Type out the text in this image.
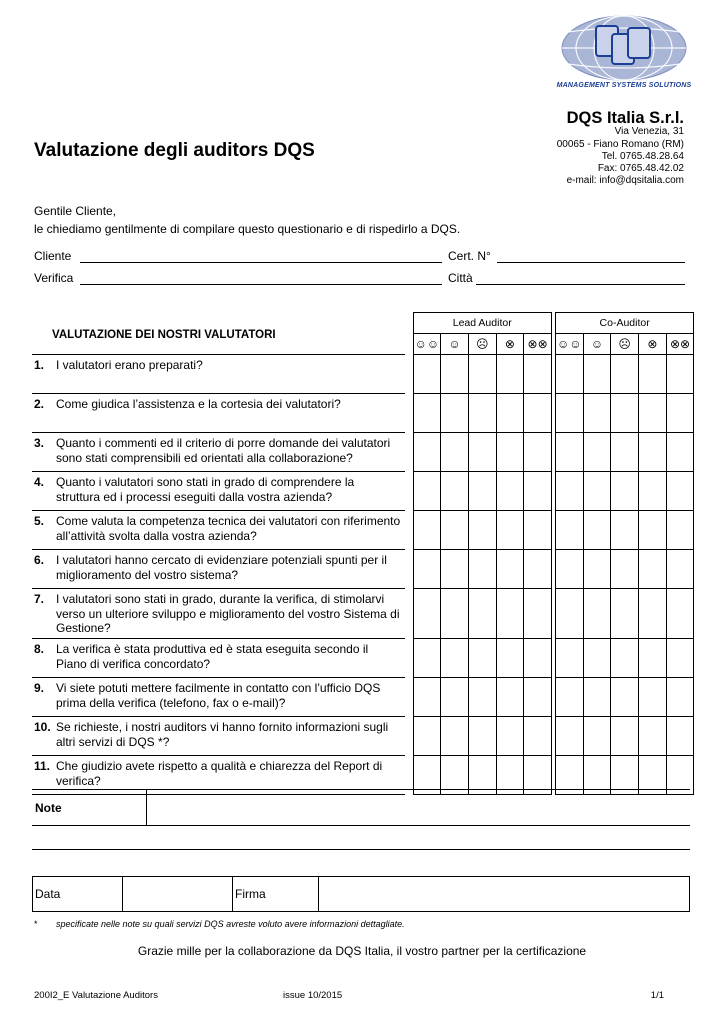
MANAGEMENT SYSTEMS SOLUTIONS
DQS Italia S.r.l.
Via Venezia, 31
00065 - Fiano Romano (RM)
Tel. 0765.48.28.64
Fax: 0765.48.42.02
e-mail: info@dqsitalia.com
Valutazione degli auditors DQS
Gentile Cliente,
le chiediamo gentilmente di compilare questo questionario e di rispedirlo a DQS.
Cliente	Cert. N°
Verifica	Città
VALUTAZIONE DEI NOSTRI VALUTATORI		Lead Auditor						Co-Auditor				
		☺☺	☺	☹	⊗	⊗⊗		☺☺	☺	☹	⊗	⊗⊗
1. I valutatori erano preparati?												
2. Come giudica l’assistenza e la cortesia dei valutatori?												
3. Quanto i commenti ed il criterio di porre domande dei valutatori sono stati comprensibili ed orientati alla collaborazione?												
4. Quanto i valutatori sono stati in grado di comprendere la struttura ed i processi eseguiti dalla vostra azienda?												
5. Come valuta la competenza tecnica dei valutatori con riferimento all’attività svolta dalla vostra azienda?												
6. I valutatori hanno cercato di evidenziare potenziali spunti per il miglioramento del vostro sistema?												
7. I valutatori sono stati in grado, durante la verifica, di stimolarvi verso un ulteriore sviluppo e miglioramento del vostro Sistema di Gestione?												
8. La verifica è stata produttiva ed è stata eseguita secondo il Piano di verifica concordato?												
9. Vi siete potuti mettere facilmente in contatto con l’ufficio DQS prima della verifica (telefono, fax o e-mail)?												
10. Se richieste, i nostri auditors vi hanno fornito informazioni sugli altri servizi di DQS *?												
11. Che giudizio avete rispetto a qualità e chiarezza del Report di verifica?												
Note
Data	Firma
* specificate nelle note su quali servizi DQS avreste voluto avere informazioni dettagliate.
Grazie mille per la collaborazione da DQS Italia, il vostro partner per la certificazione
200I2_E Valutazione Auditors	issue 10/2015	1/1
